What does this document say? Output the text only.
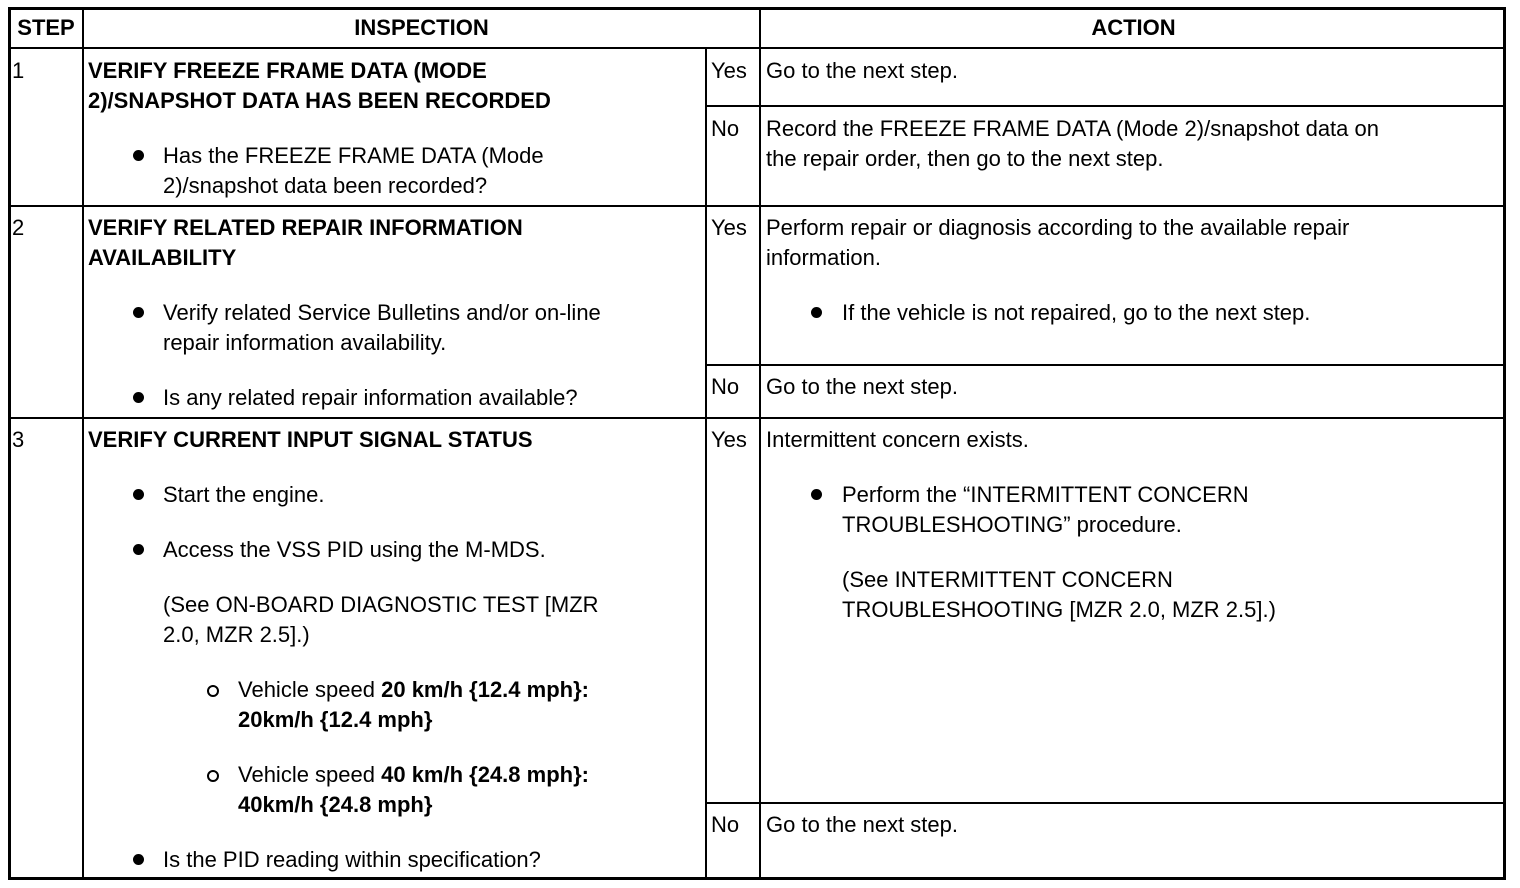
STEP	INSPECTION	ACTION
1	VERIFY FREEZE FRAME DATA (MODE
2)/SNAPSHOT DATA HAS BEEN RECORDED
Has the FREEZE FRAME DATA (Mode
2)/snapshot data been recorded?
Yes Go to the next step.
No Record the FREEZE FRAME DATA (Mode 2)/snapshot data on
the repair order, then go to the next step.
2	VERIFY RELATED REPAIR INFORMATION
AVAILABILITY
Verify related Service Bulletins and/or on-line
repair information availability.
Is any related repair information available?
Yes Perform repair or diagnosis according to the available repair
information.
If the vehicle is not repaired, go to the next step.
No Go to the next step.
3	VERIFY CURRENT INPUT SIGNAL STATUS
Start the engine.
Access the VSS PID using the M-MDS.
(See ON-BOARD DIAGNOSTIC TEST [MZR
2.0, MZR 2.5].)
Vehicle speed 20 km/h {12.4 mph}:
20km/h {12.4 mph}
Vehicle speed 40 km/h {24.8 mph}:
40km/h {24.8 mph}
Is the PID reading within specification?
Yes Intermittent concern exists.
Perform the “INTERMITTENT CONCERN
TROUBLESHOOTING” procedure.
(See INTERMITTENT CONCERN
TROUBLESHOOTING [MZR 2.0, MZR 2.5].)
No Go to the next step.
